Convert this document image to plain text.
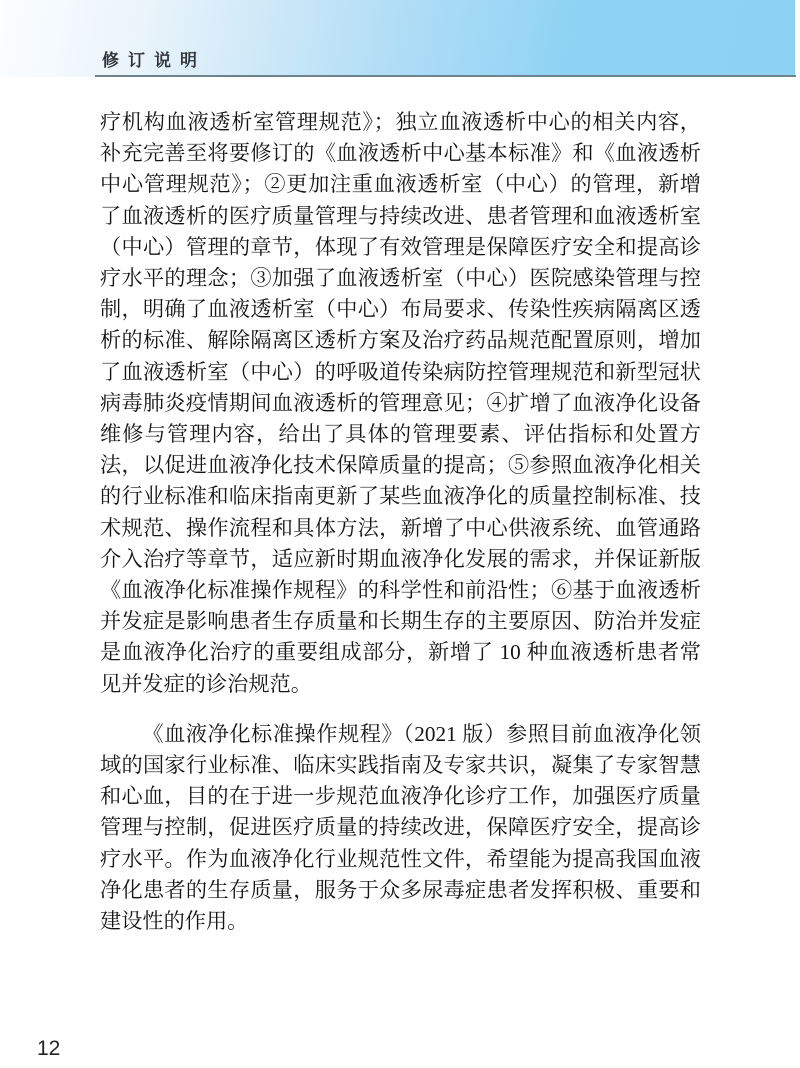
修订说明

疗机构血液透析室管理规范》；独立血液透析中心的相关内容，补充完善至将要修订的《血液透析中心基本标准》和《血液透析中心管理规范》；②更加注重血液透析室（中心）的管理，新增了血液透析的医疗质量管理与持续改进、患者管理和血液透析室（中心）管理的章节，体现了有效管理是保障医疗安全和提高诊疗水平的理念；③加强了血液透析室（中心）医院感染管理与控制，明确了血液透析室（中心）布局要求、传染性疾病隔离区透析的标准、解除隔离区透析方案及治疗药品规范配置原则，增加了血液透析室（中心）的呼吸道传染病防控管理规范和新型冠状病毒肺炎疫情期间血液透析的管理意见；④扩增了血液净化设备维修与管理内容，给出了具体的管理要素、评估指标和处置方法，以促进血液净化技术保障质量的提高；⑤参照血液净化相关的行业标准和临床指南更新了某些血液净化的质量控制标准、技术规范、操作流程和具体方法，新增了中心供液系统、血管通路介入治疗等章节，适应新时期血液净化发展的需求，并保证新版《血液净化标准操作规程》的科学性和前沿性；⑥基于血液透析并发症是影响患者生存质量和长期生存的主要原因、防治并发症是血液净化治疗的重要组成部分，新增了 10 种血液透析患者常见并发症的诊治规范。

《血液净化标准操作规程》（2021 版）参照目前血液净化领域的国家行业标准、临床实践指南及专家共识，凝集了专家智慧和心血，目的在于进一步规范血液净化诊疗工作，加强医疗质量管理与控制，促进医疗质量的持续改进，保障医疗安全，提高诊疗水平。作为血液净化行业规范性文件，希望能为提高我国血液净化患者的生存质量，服务于众多尿毒症患者发挥积极、重要和建设性的作用。

12
